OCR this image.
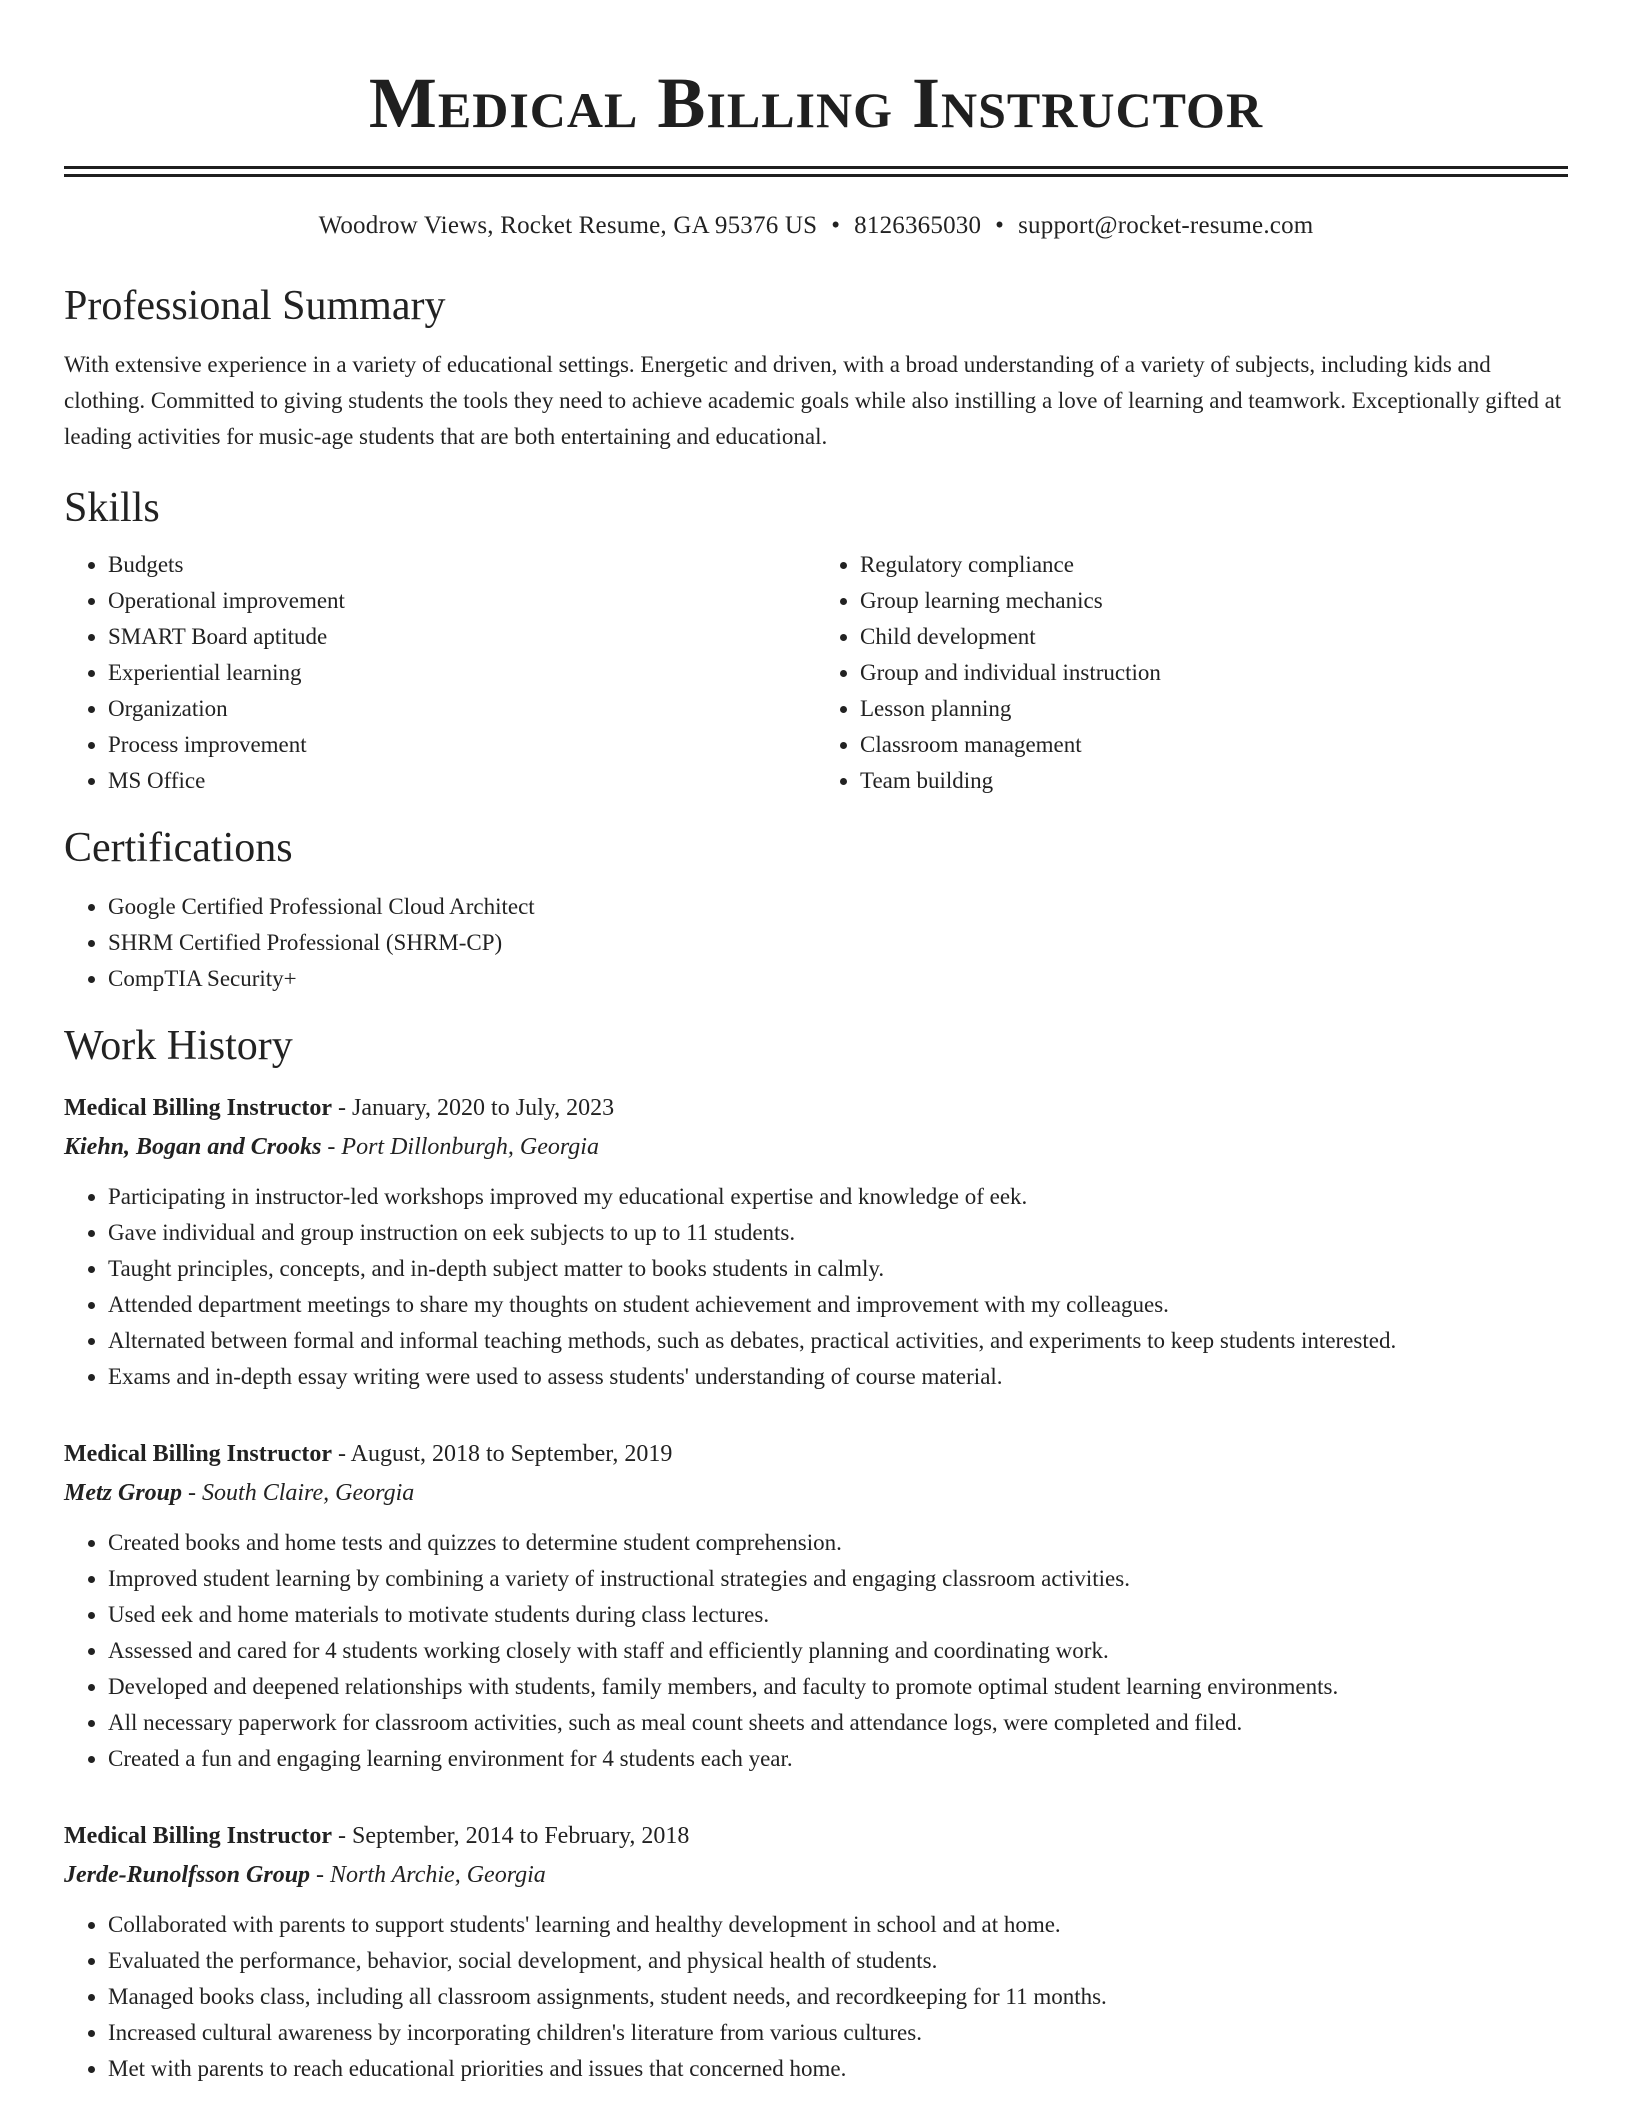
Medical Billing Instructor
Woodrow Views, Rocket Resume, GA 95376 US • 8126365030 • support@rocket-resume.com
Professional Summary
With extensive experience in a variety of educational settings. Energetic and driven, with a broad understanding of a variety of subjects, including kids and clothing. Committed to giving students the tools they need to achieve academic goals while also instilling a love of learning and teamwork. Exceptionally gifted at leading activities for music-age students that are both entertaining and educational.
Skills
• Budgets
• Operational improvement
• SMART Board aptitude
• Experiential learning
• Organization
• Process improvement
• MS Office
• Regulatory compliance
• Group learning mechanics
• Child development
• Group and individual instruction
• Lesson planning
• Classroom management
• Team building
Certifications
• Google Certified Professional Cloud Architect
• SHRM Certified Professional (SHRM-CP)
• CompTIA Security+
Work History
Medical Billing Instructor - January, 2020 to July, 2023
Kiehn, Bogan and Crooks - Port Dillonburgh, Georgia
• Participating in instructor-led workshops improved my educational expertise and knowledge of eek.
• Gave individual and group instruction on eek subjects to up to 11 students.
• Taught principles, concepts, and in-depth subject matter to books students in calmly.
• Attended department meetings to share my thoughts on student achievement and improvement with my colleagues.
• Alternated between formal and informal teaching methods, such as debates, practical activities, and experiments to keep students interested.
• Exams and in-depth essay writing were used to assess students' understanding of course material.
Medical Billing Instructor - August, 2018 to September, 2019
Metz Group - South Claire, Georgia
• Created books and home tests and quizzes to determine student comprehension.
• Improved student learning by combining a variety of instructional strategies and engaging classroom activities.
• Used eek and home materials to motivate students during class lectures.
• Assessed and cared for 4 students working closely with staff and efficiently planning and coordinating work.
• Developed and deepened relationships with students, family members, and faculty to promote optimal student learning environments.
• All necessary paperwork for classroom activities, such as meal count sheets and attendance logs, were completed and filed.
• Created a fun and engaging learning environment for 4 students each year.
Medical Billing Instructor - September, 2014 to February, 2018
Jerde-Runolfsson Group - North Archie, Georgia
• Collaborated with parents to support students' learning and healthy development in school and at home.
• Evaluated the performance, behavior, social development, and physical health of students.
• Managed books class, including all classroom assignments, student needs, and recordkeeping for 11 months.
• Increased cultural awareness by incorporating children's literature from various cultures.
• Met with parents to reach educational priorities and issues that concerned home.
